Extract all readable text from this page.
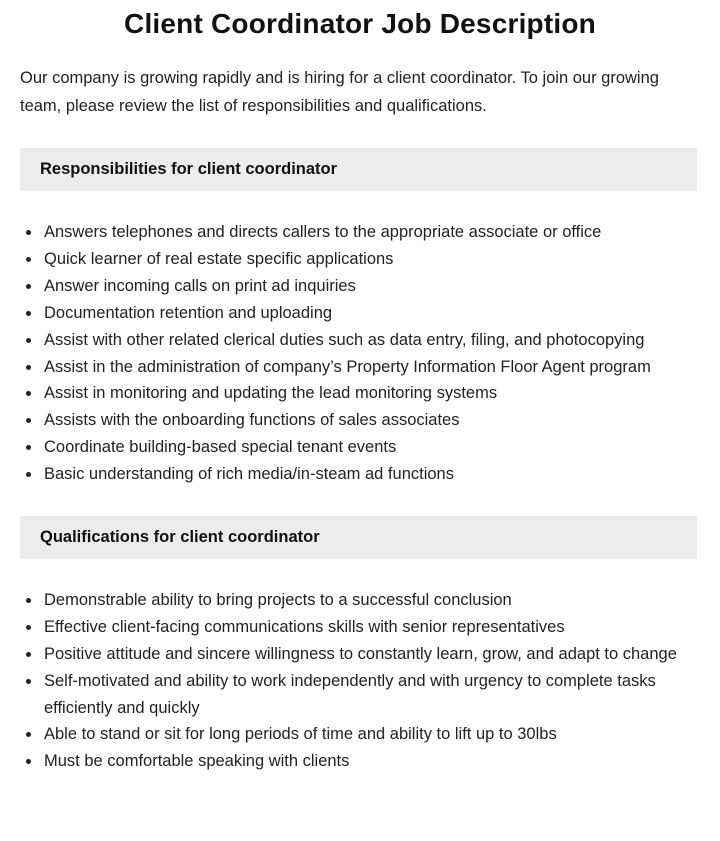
Client Coordinator Job Description

Our company is growing rapidly and is hiring for a client coordinator. To join our growing team, please review the list of responsibilities and qualifications.

Responsibilities for client coordinator
• Answers telephones and directs callers to the appropriate associate or office
• Quick learner of real estate specific applications
• Answer incoming calls on print ad inquiries
• Documentation retention and uploading
• Assist with other related clerical duties such as data entry, filing, and photocopying
• Assist in the administration of company’s Property Information Floor Agent program
• Assist in monitoring and updating the lead monitoring systems
• Assists with the onboarding functions of sales associates
• Coordinate building-based special tenant events
• Basic understanding of rich media/in-steam ad functions
Qualifications for client coordinator
• Demonstrable ability to bring projects to a successful conclusion
• Effective client-facing communications skills with senior representatives
• Positive attitude and sincere willingness to constantly learn, grow, and adapt to change
• Self-motivated and ability to work independently and with urgency to complete tasks efficiently and quickly
• Able to stand or sit for long periods of time and ability to lift up to 30lbs
• Must be comfortable speaking with clients
